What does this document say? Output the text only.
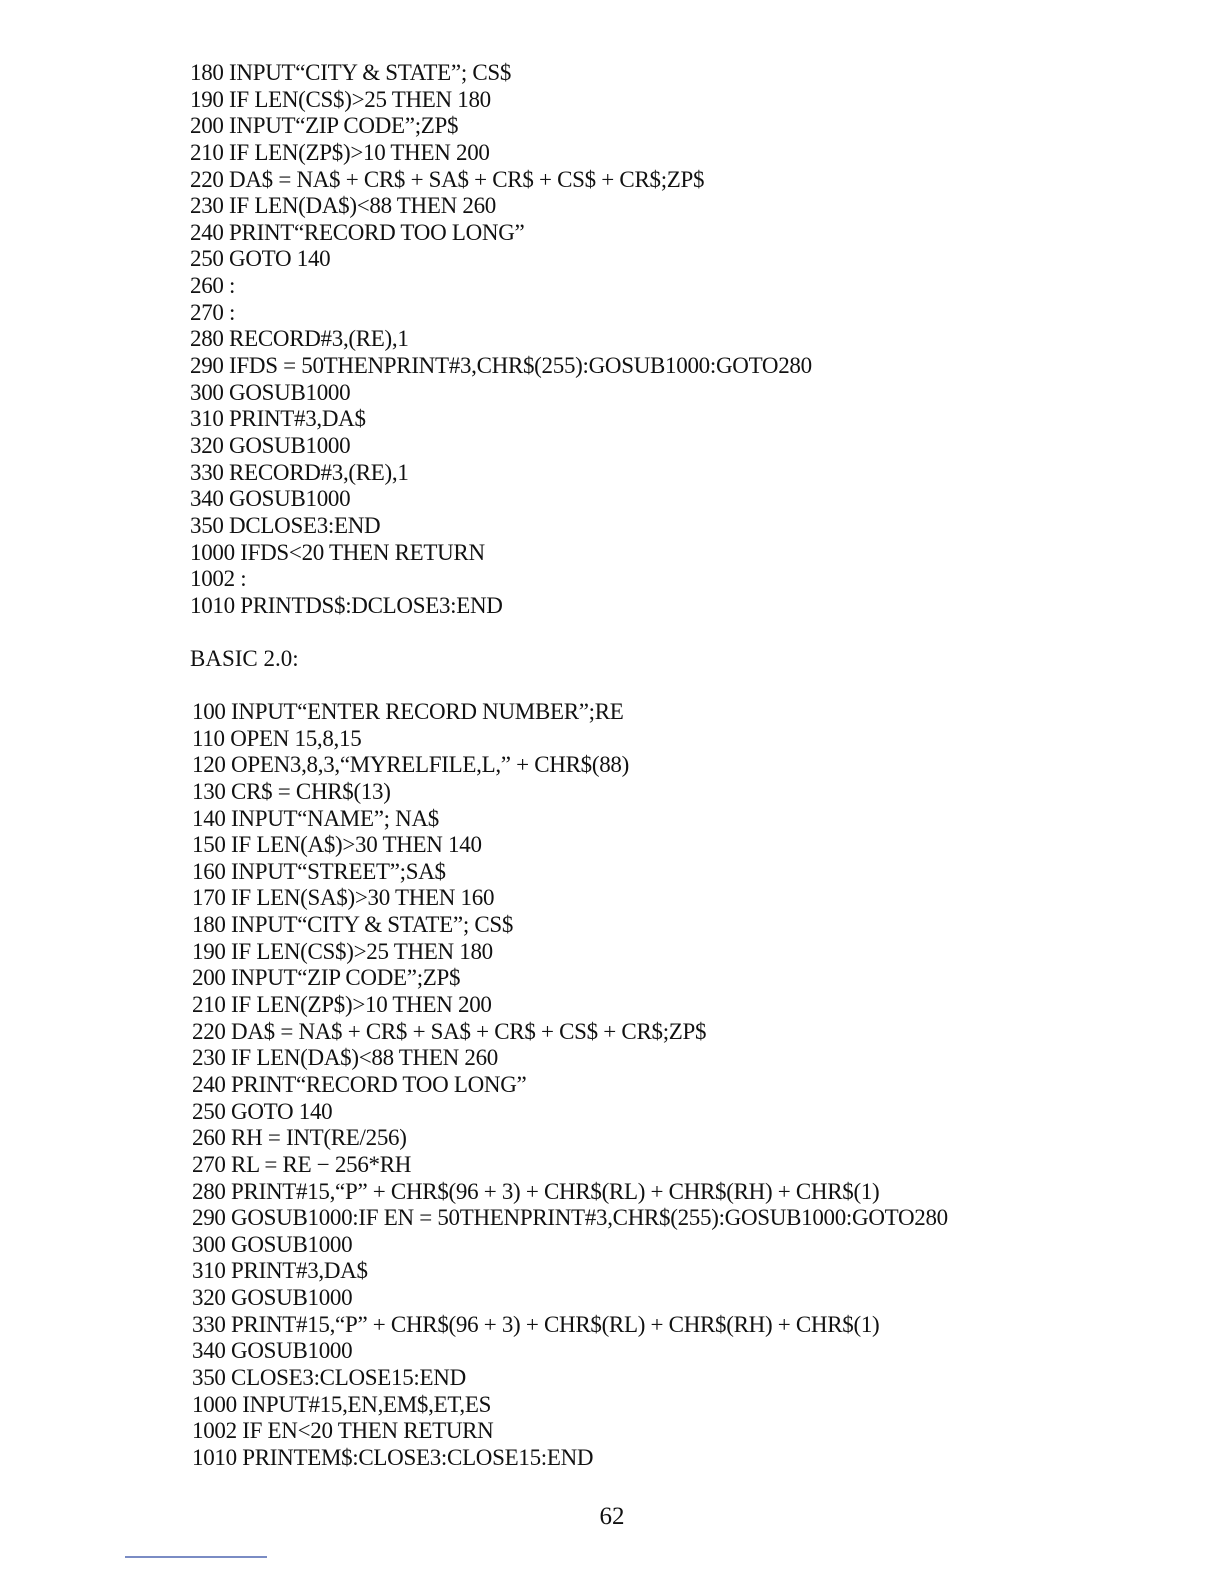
180 INPUT“CITY & STATE”; CS$
190 IF LEN(CS$)>25 THEN 180
200 INPUT“ZIP CODE”;ZP$
210 IF LEN(ZP$)>10 THEN 200
220 DA$ = NA$ + CR$ + SA$ + CR$ + CS$ + CR$;ZP$
230 IF LEN(DA$)<88 THEN 260
240 PRINT“RECORD TOO LONG”
250 GOTO 140
260 :
270 :
280 RECORD#3,(RE),1
290 IFDS = 50THENPRINT#3,CHR$(255):GOSUB1000:GOTO280
300 GOSUB1000
310 PRINT#3,DA$
320 GOSUB1000
330 RECORD#3,(RE),1
340 GOSUB1000
350 DCLOSE3:END
1000 IFDS<20 THEN RETURN
1002 :
1010 PRINTDS$:DCLOSE3:END
BASIC 2.0:
100 INPUT“ENTER RECORD NUMBER”;RE
110 OPEN 15,8,15
120 OPEN3,8,3,“MYRELFILE,L,” + CHR$(88)
130 CR$ = CHR$(13)
140 INPUT“NAME”; NA$
150 IF LEN(A$)>30 THEN 140
160 INPUT“STREET”;SA$
170 IF LEN(SA$)>30 THEN 160
180 INPUT“CITY & STATE”; CS$
190 IF LEN(CS$)>25 THEN 180
200 INPUT“ZIP CODE”;ZP$
210 IF LEN(ZP$)>10 THEN 200
220 DA$ = NA$ + CR$ + SA$ + CR$ + CS$ + CR$;ZP$
230 IF LEN(DA$)<88 THEN 260
240 PRINT“RECORD TOO LONG”
250 GOTO 140
260 RH = INT(RE/256)
270 RL = RE − 256*RH
280 PRINT#15,“P” + CHR$(96 + 3) + CHR$(RL) + CHR$(RH) + CHR$(1)
290 GOSUB1000:IF EN = 50THENPRINT#3,CHR$(255):GOSUB1000:GOTO280
300 GOSUB1000
310 PRINT#3,DA$
320 GOSUB1000
330 PRINT#15,“P” + CHR$(96 + 3) + CHR$(RL) + CHR$(RH) + CHR$(1)
340 GOSUB1000
350 CLOSE3:CLOSE15:END
1000 INPUT#15,EN,EM$,ET,ES
1002 IF EN<20 THEN RETURN
1010 PRINTEM$:CLOSE3:CLOSE15:END
62
